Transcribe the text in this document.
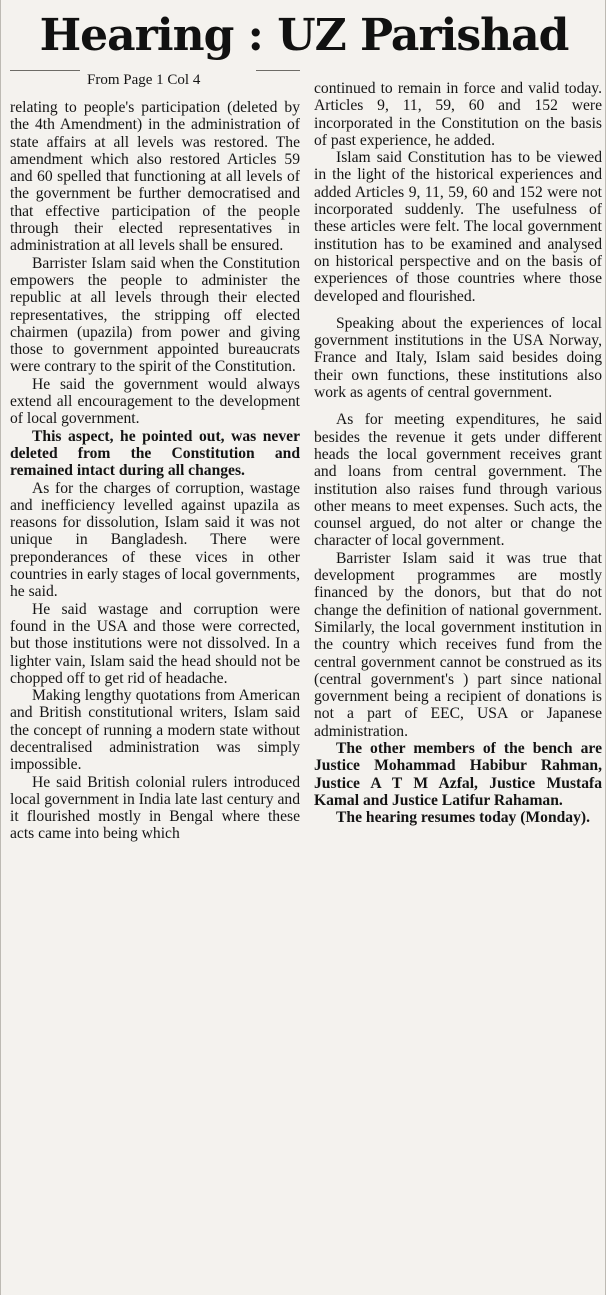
Hearing : UZ Parishad
From Page 1 Col 4

relating to people's participation (deleted by the 4th Amendment) in the administration of state affairs at all levels was restored. The amendment which also restored Articles 59 and 60 spelled that functioning at all levels of the government be further democratised and that effective participation of the people through their elected representatives in administration at all levels shall be ensured.

Barrister Islam said when the Constitution empowers the people to administer the republic at all levels through their elected representatives, the stripping off elected chairmen (upazila) from power and giving those to government appointed bureaucrats were contrary to the spirit of the Constitution.

He said the government would always extend all encouragement to the development of local government.

This aspect, he pointed out, was never deleted from the Constitution and remained intact during all changes.

As for the charges of corruption, wastage and inefficiency levelled against upazila as reasons for dissolution, Islam said it was not unique in Bangladesh. There were preponderances of these vices in other countries in early stages of local governments, he said.

He said wastage and corruption were found in the USA and those were corrected, but those institutions were not dissolved. In a lighter vain, Islam said the head should not be chopped off to get rid of headache.

Making lengthy quotations from American and British constitutional writers, Islam said the concept of running a modern state without decentralised administration was simply impossible.

He said British colonial rulers introduced local government in India late last century and it flourished mostly in Bengal where these acts came into being which

continued to remain in force and valid today. Articles 9, 11, 59, 60 and 152 were incorporated in the Constitution on the basis of past experience, he added.

Islam said Constitution has to be viewed in the light of the historical experiences and added Articles 9, 11, 59, 60 and 152 were not incorporated suddenly. The usefulness of these articles were felt. The local government institution has to be examined and analysed on historical perspective and on the basis of experiences of those countries where those developed and flourished.

Speaking about the experiences of local government institutions in the USA Norway, France and Italy, Islam said besides doing their own functions, these institutions also work as agents of central government.

As for meeting expenditures, he said besides the revenue it gets under different heads the local government receives grant and loans from central government. The institution also raises fund through various other means to meet expenses. Such acts, the counsel argued, do not alter or change the character of local government.

Barrister Islam said it was true that development programmes are mostly financed by the donors, but that do not change the definition of national government. Similarly, the local government institution in the country which receives fund from the central government cannot be construed as its (central government's ) part since national government being a recipient of donations is not a part of EEC, USA or Japanese administration.

The other members of the bench are Justice Mohammad Habibur Rahman, Justice A T M Azfal, Justice Mustafa Kamal and Justice Latifur Rahaman.

The hearing resumes today (Monday).
